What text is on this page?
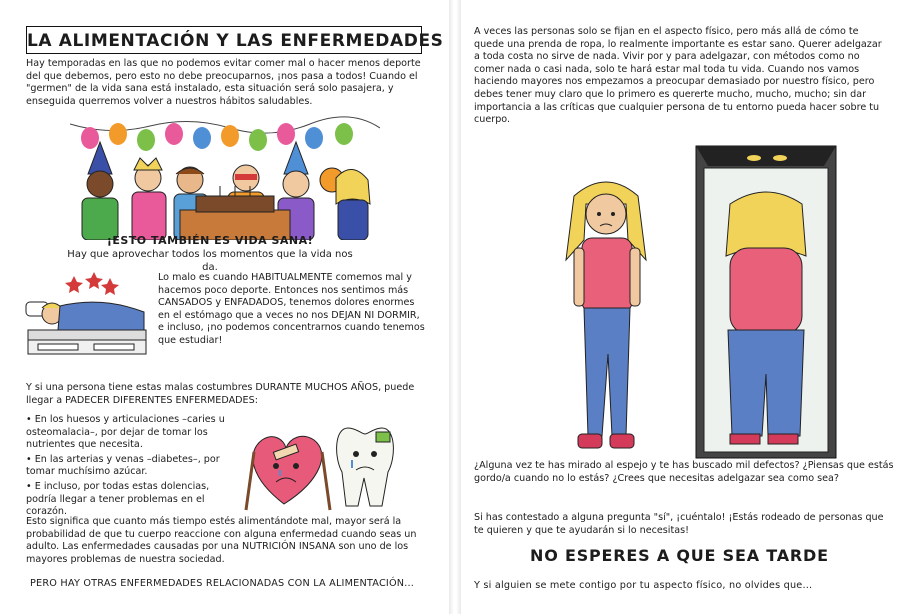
LA ALIMENTACIÓN Y LAS ENFERMEDADES
Hay temporadas en las que no podemos evitar comer mal o hacer menos deporte del que debemos, pero esto no debe preocuparnos, ¡nos pasa a todos! Cuando el "germen" de la vida sana está instalado, esta situación será solo pasajera, y enseguida querremos volver a nuestros hábitos saludables.
¡ESTO TAMBIÉN ES VIDA SANA!
Hay que aprovechar todos los momentos que la vida nos da.
Lo malo es cuando HABITUALMENTE comemos mal y hacemos poco deporte. Entonces nos sentimos más CANSADOS y ENFADADOS, tenemos dolores enormes en el estómago que a veces no nos DEJAN NI DORMIR, e incluso, ¡no podemos concentrarnos cuando tenemos que estudiar!
Y si una persona tiene estas malas costumbres DURANTE MUCHOS AÑOS, puede llegar a PADECER DIFERENTES ENFERMEDADES:
• En los huesos y articulaciones –caries u osteomalacia–, por dejar de tomar los nutrientes que necesita.
• En las arterias y venas –diabetes–, por tomar muchísimo azúcar.
• E incluso, por todas estas dolencias, podría llegar a tener problemas en el corazón.
Esto significa que cuanto más tiempo estés alimentándote mal, mayor será la probabilidad de que tu cuerpo reaccione con alguna enfermedad cuando seas un adulto. Las enfermedades causadas por una NUTRICIÓN INSANA son uno de los mayores problemas de nuestra sociedad.
PERO HAY OTRAS ENFERMEDADES RELACIONADAS CON LA ALIMENTACIÓN...
A veces las personas solo se fijan en el aspecto físico, pero más allá de cómo te quede una prenda de ropa, lo realmente importante es estar sano. Querer adelgazar a toda costa no sirve de nada. Vivir por y para adelgazar, con métodos como no comer nada o casi nada, solo te hará estar mal toda tu vida. Cuando nos vamos haciendo mayores nos empezamos a preocupar demasiado por nuestro físico, pero debes tener muy claro que lo primero es quererte mucho, mucho, mucho; sin dar importancia a las críticas que cualquier persona de tu entorno pueda hacer sobre tu cuerpo.
¿Alguna vez te has mirado al espejo y te has buscado mil defectos? ¿Piensas que estás gordo/a cuando no lo estás? ¿Crees que necesitas adelgazar sea como sea?
Si has contestado a alguna pregunta "sí", ¡cuéntalo! ¡Estás rodeado de personas que te quieren y que te ayudarán si lo necesitas!
NO ESPERES A QUE SEA TARDE
Y si alguien se mete contigo por tu aspecto físico, no olvides que...
